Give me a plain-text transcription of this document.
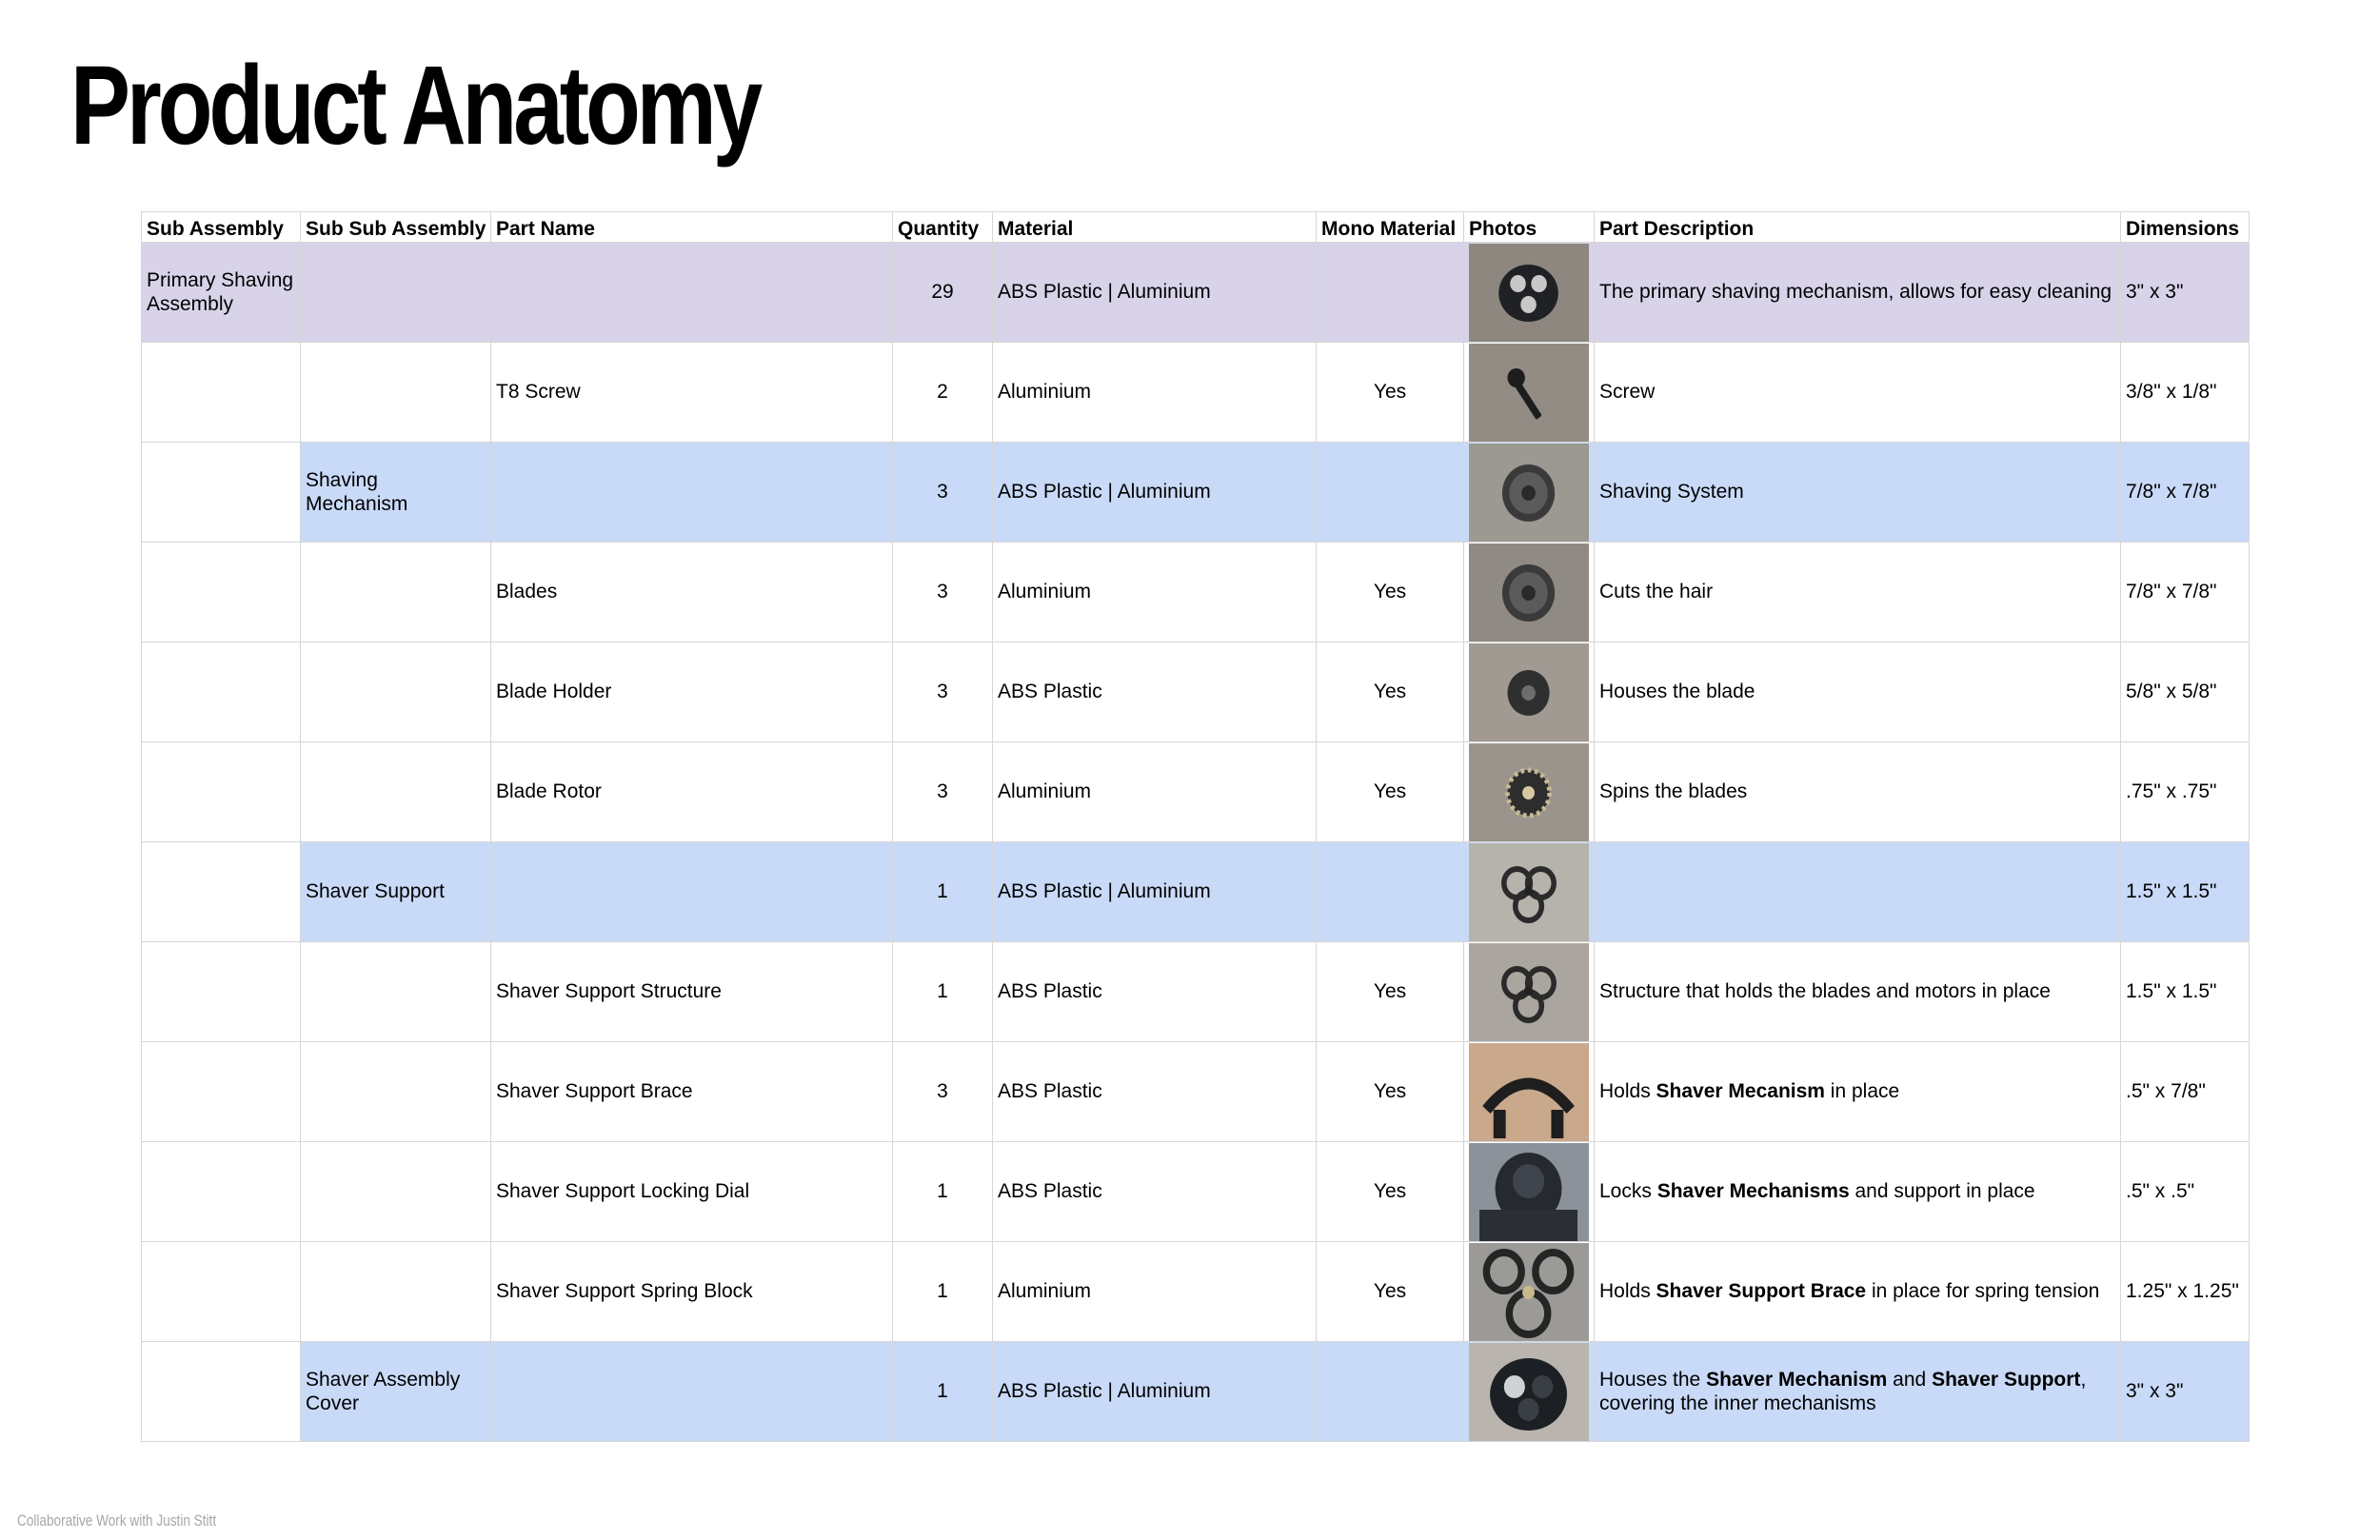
Product Anatomy
Sub Assembly	Sub Sub Assembly	Part Name	Quantity	Material	Mono Material	Photos	Part Description	Dimensions
Primary Shaving Assembly			29	ABS Plastic | Aluminium			The primary shaving mechanism, allows for easy cleaning	3" x 3"
		T8 Screw	2	Aluminium	Yes		Screw	3/8" x 1/8"
	Shaving Mechanism		3	ABS Plastic | Aluminium			Shaving System	7/8" x 7/8"
		Blades	3	Aluminium	Yes		Cuts the hair	7/8" x 7/8"
		Blade Holder	3	ABS Plastic	Yes		Houses the blade	5/8" x 5/8"
		Blade Rotor	3	Aluminium	Yes		Spins the blades	.75" x .75"
	Shaver Support		1	ABS Plastic | Aluminium				1.5" x 1.5"
		Shaver Support Structure	1	ABS Plastic	Yes		Structure that holds the blades and motors in place	1.5" x 1.5"
		Shaver Support Brace	3	ABS Plastic	Yes		Holds Shaver Mecanism in place	.5" x 7/8"
		Shaver Support Locking Dial	1	ABS Plastic	Yes		Locks Shaver Mechanisms and support in place	.5" x .5"
		Shaver Support Spring Block	1	Aluminium	Yes		Holds Shaver Support Brace in place for spring tension	1.25" x 1.25"
	Shaver Assembly Cover		1	ABS Plastic | Aluminium			Houses the Shaver Mechanism and Shaver Support, covering the inner mechanisms	3" x 3"
Collaborative Work with Justin Stitt
